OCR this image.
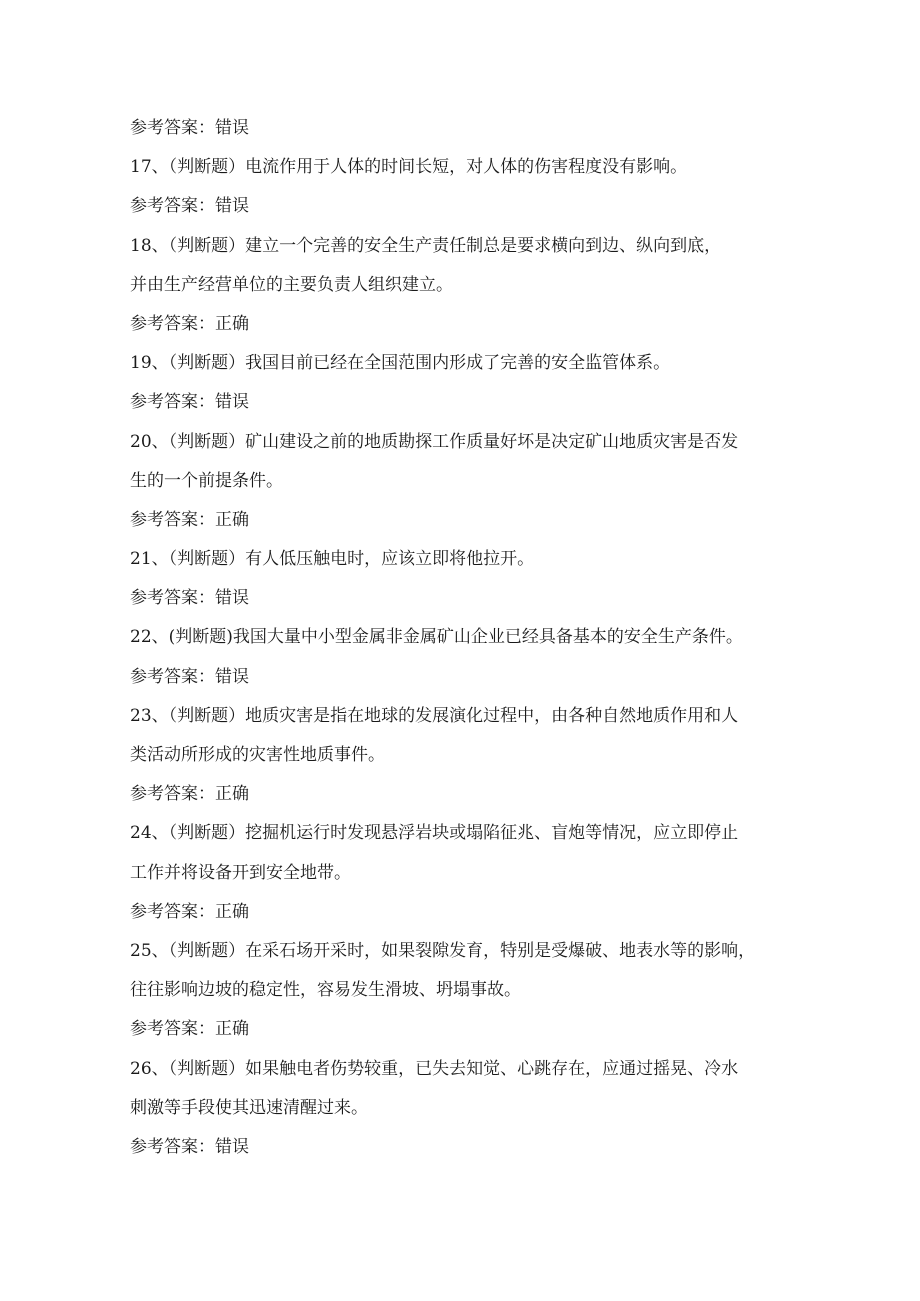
参考答案：错误
17、（判断题）电流作用于人体的时间长短，对人体的伤害程度没有影响。
参考答案：错误
18、（判断题）建立一个完善的安全生产责任制总是要求横向到边、纵向到底，
并由生产经营单位的主要负责人组织建立。
参考答案：正确
19、（判断题）我国目前已经在全国范围内形成了完善的安全监管体系。
参考答案：错误
20、（判断题）矿山建设之前的地质勘探工作质量好坏是决定矿山地质灾害是否发
生的一个前提条件。
参考答案：正确
21、（判断题）有人低压触电时，应该立即将他拉开。
参考答案：错误
22、(判断题)我国大量中小型金属非金属矿山企业已经具备基本的安全生产条件。
参考答案：错误
23、（判断题）地质灾害是指在地球的发展演化过程中，由各种自然地质作用和人
类活动所形成的灾害性地质事件。
参考答案：正确
24、（判断题）挖掘机运行时发现悬浮岩块或塌陷征兆、盲炮等情况，应立即停止
工作并将设备开到安全地带。
参考答案：正确
25、（判断题）在采石场开采时，如果裂隙发育，特别是受爆破、地表水等的影响，
往往影响边坡的稳定性，容易发生滑坡、坍塌事故。
参考答案：正确
26、（判断题）如果触电者伤势较重，已失去知觉、心跳存在，应通过摇晃、冷水
刺激等手段使其迅速清醒过来。
参考答案：错误
